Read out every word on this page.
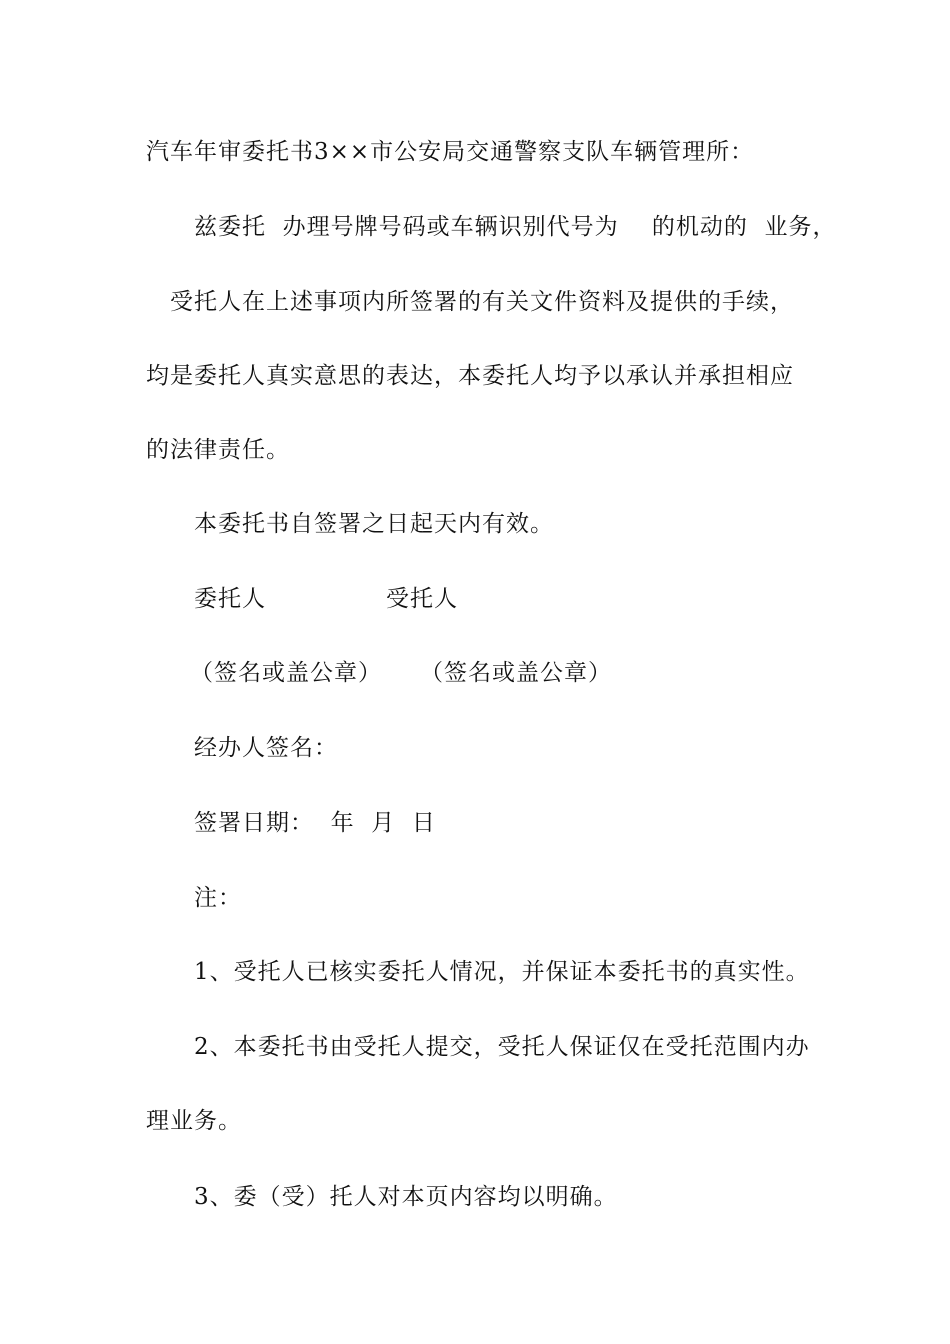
汽车年审委托书3××市公安局交通警察支队车辆管理所：
兹委托  办理号牌号码或车辆识别代号为    的机动的  业务，
受托人在上述事项内所签署的有关文件资料及提供的手续，
均是委托人真实意思的表达，本委托人均予以承认并承担相应
的法律责任。
本委托书自签署之日起天内有效。
委托人	受托人
（签名或盖公章） （签名或盖公章）
经办人签名：
签署日期：  年  月  日
注：
1、受托人已核实委托人情况，并保证本委托书的真实性。
2、本委托书由受托人提交，受托人保证仅在受托范围内办
理业务。
3、委（受）托人对本页内容均以明确。
